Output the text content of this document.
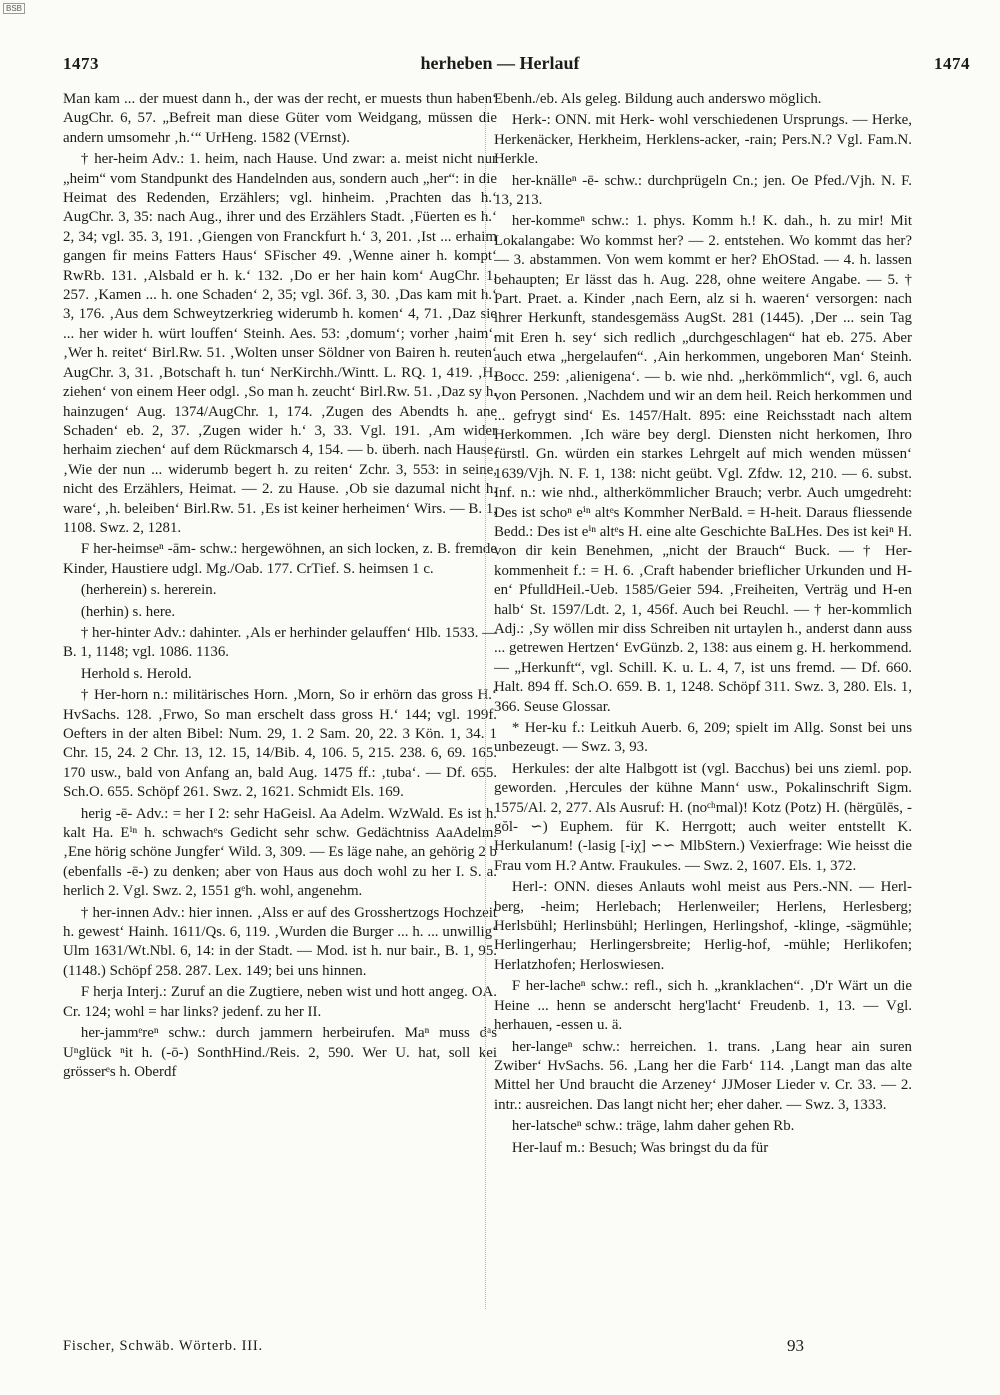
BSB
1473	herheben — Herlauf	1474

Man kam ... der muest dann h., der was der recht, er muests thun haben‘ AugChr. 6, 57. „Befreit man diese Güter vom Weidgang, müssen die andern umsomehr ‚h.‘“ UrHeng. 1582 (VErnst).

† her-heim Adv.: 1. heim, nach Hause. Und zwar: a. meist nicht nur „heim“ vom Standpunkt des Handelnden aus, sondern auch „her“: in die Heimat des Redenden, Erzählers; vgl. hinheim. ‚Prachten das h.‘ AugChr. 3, 35: nach Aug., ihrer und des Erzählers Stadt. ‚Füerten es h.‘ 2, 34; vgl. 35. 3, 191. ‚Giengen von Franckfurt h.‘ 3, 201. ‚Ist ... erhaim gangen fir meins Fatters Haus‘ SFischer 49. ‚Wenne ainer h. kompt‘ RwRb. 131. ‚Alsbald er h. k.‘ 132. ‚Do er her hain kom‘ AugChr. 1, 257. ‚Kamen ... h. one Schaden‘ 2, 35; vgl. 36f. 3, 30. ‚Das kam mit h.‘ 3, 176. ‚Aus dem Schweytzerkrieg widerumb h. komen‘ 4, 71. ‚Daz sie ... her wider h. würt louffen‘ Steinh. Aes. 53: ‚domum‘; vorher ‚haim‘. ‚Wer h. reitet‘ Birl.Rw. 51. ‚Wolten unser Söldner von Bairen h. reuten‘ AugChr. 3, 31. ‚Botschaft h. tun‘ NerKirchh./Wintt. L. RQ. 1, 419. ‚H. ziehen‘ von einem Heer odgl. ‚So man h. zeucht‘ Birl.Rw. 51. ‚Daz sy h. hainzugen‘ Aug. 1374/AugChr. 1, 174. ‚Zugen des Abendts h. ane Schaden‘ eb. 2, 37. ‚Zugen wider h.‘ 3, 33. Vgl. 191. ‚Am wider herhaim ziechen‘ auf dem Rückmarsch 4, 154. — b. überh. nach Hause. ‚Wie der nun ... widerumb begert h. zu reiten‘ Zchr. 3, 553: in seine, nicht des Erzählers, Heimat. — 2. zu Hause. ‚Ob sie dazumal nicht h. ware‘, ‚h. beleiben‘ Birl.Rw. 51. ‚Es ist keiner herheimen‘ Wirs. — B. 1, 1108. Swz. 2, 1281.

F her-heimseⁿ -ām- schw.: hergewöhnen, an sich locken, z. B. fremde Kinder, Haustiere udgl. Mg./Oab. 177. CrTief. S. heimsen 1 c.

(herherein) s. hererein.

(herhin) s. here.

† her-hinter Adv.: dahinter. ‚Als er herhinder gelauffen‘ Hlb. 1533. — B. 1, 1148; vgl. 1086. 1136.

Herhold s. Herold.

† Her-horn n.: militärisches Horn. ‚Morn, So ir erhörn das gross H.‘ HvSachs. 128. ‚Frwo, So man erschelt dass gross H.‘ 144; vgl. 199f. Oefters in der alten Bibel: Num. 29, 1. 2 Sam. 20, 22. 3 Kön. 1, 34. 1 Chr. 15, 24. 2 Chr. 13, 12. 15, 14/Bib. 4, 106. 5, 215. 238. 6, 69. 165. 170 usw., bald von Anfang an, bald Aug. 1475 ff.: ‚tuba‘. — Df. 655. Sch.O. 655. Schöpf 261. Swz. 2, 1621. Schmidt Els. 169.

herig -ē- Adv.: = her I 2: sehr HaGeisl. Aa Adelm. WzWald. Es ist h. kalt Ha. Eⁱⁿ h. schwachᵉs Gedicht sehr schw. Gedächtniss AaAdelm. ‚Ene hörig schöne Jungfer‘ Wild. 3, 309. — Es läge nahe, an gehörig 2 b (ebenfalls -ē-) zu denken; aber von Haus aus doch wohl zu her I. S. a. herlich 2. Vgl. Swz. 2, 1551 gᵉh. wohl, angenehm.

† her-innen Adv.: hier innen. ‚Alss er auf des Grosshertzogs Hochzeit h. gewest‘ Hainh. 1611/Qs. 6, 119. ‚Wurden die Burger ... h. ... unwillig‘ Ulm 1631/Wt.Nbl. 6, 14: in der Stadt. — Mod. ist h. nur bair., B. 1, 95. (1148.) Schöpf 258. 287. Lex. 149; bei uns hinnen.

F herja Interj.: Zuruf an die Zugtiere, neben wist und hott angeg. OA. Cr. 124; wohl = har links? jedenf. zu her II.

her-jammᵉreⁿ schw.: durch jammern herbeirufen. Maⁿ muss dᵃs Uⁿglück ⁿit h. (-ō-) SonthHind./Reis. 2, 590. Wer U. hat, soll kei grösserᵉs h. Oberdf

Ebenh./eb. Als geleg. Bildung auch anderswo möglich.

Herk-: ONN. mit Herk- wohl verschiedenen Ursprungs. — Herke, Herkenäcker, Herkheim, Herklens-acker, -rain; Pers.N.? Vgl. Fam.N. Herkle.

her-knälleⁿ -ē- schw.: durchprügeln Cn.; jen. Oe Pfed./Vjh. N. F. 13, 213.

her-kommeⁿ schw.: 1. phys. Komm h.! K. dah., h. zu mir! Mit Lokalangabe: Wo kommst her? — 2. entstehen. Wo kommt das her? — 3. abstammen. Von wem kommt er her? EhOStad. — 4. h. lassen behaupten; Er lässt das h. Aug. 228, ohne weitere Angabe. — 5. † Part. Praet. a. Kinder ‚nach Eern, alz si h. waeren‘ versorgen: nach ihrer Herkunft, standesgemäss AugSt. 281 (1445). ‚Der ... sein Tag mit Eren h. sey‘ sich redlich „durchgeschlagen“ hat eb. 275. Aber auch etwa „hergelaufen“. ‚Ain herkommen, ungeboren Man‘ Steinh. Bocc. 259: ‚alienigena‘. — b. wie nhd. „herkömmlich“, vgl. 6, auch von Personen. ‚Nachdem und wir an dem heil. Reich herkommen und ... gefrygt sind‘ Es. 1457/Halt. 895: eine Reichsstadt nach altem Herkommen. ‚Ich wäre bey dergl. Diensten nicht herkomen, Ihro fürstl. Gn. würden ein starkes Lehrgelt auf mich wenden müssen‘ 1639/Vjh. N. F. 1, 138: nicht geübt. Vgl. Zfdw. 12, 210. — 6. subst. Inf. n.: wie nhd., altherkömmlicher Brauch; verbr. Auch umgedreht: Des ist schoⁿ eⁱⁿ altᵉs Kommher NerBald. = H-heit. Daraus fliessende Bedd.: Des ist eⁱⁿ altᵉs H. eine alte Geschichte BaLHes. Des ist keiⁿ H. von dir kein Benehmen, „nicht der Brauch“ Buck. — † Her-kommenheit f.: = H. 6. ‚Craft habender brieflicher Urkunden und H-en‘ PfulldHeil.-Ueb. 1585/Geier 594. ‚Freiheiten, Verträg und H-en halb‘ St. 1597/Ldt. 2, 1, 456f. Auch bei Reuchl. — † her-kommlich Adj.: ‚Sy wöllen mir diss Schreiben nit urtaylen h., anderst dann auss ... getrewen Hertzen‘ EvGünzb. 2, 138: aus einem g. H. herkommend. — „Herkunft“, vgl. Schill. K. u. L. 4, 7, ist uns fremd. — Df. 660. Halt. 894 ff. Sch.O. 659. B. 1, 1248. Schöpf 311. Swz. 3, 280. Els. 1, 366. Seuse Glossar.

* Her-ku f.: Leitkuh Auerb. 6, 209; spielt im Allg. Sonst bei uns unbezeugt. — Swz. 3, 93.

Herkules: der alte Halbgott ist (vgl. Bacchus) bei uns zieml. pop. geworden. ‚Hercules der kühne Mann‘ usw., Pokalinschrift Sigm. 1575/Al. 2, 277. Als Ausruf: H. (noᶜʰmal)! Kotz (Potz) H. (hërgūlēs, -gŏl- ∽) Euphem. für K. Herrgott; auch weiter entstellt K. Herkulanum! (-lasig [-iχ] ∽∽ MlbStern.) Vexierfrage: Wie heisst die Frau vom H.? Antw. Fraukules. — Swz. 2, 1607. Els. 1, 372.

Herl-: ONN. dieses Anlauts wohl meist aus Pers.-NN. — Herl-berg, -heim; Herlebach; Herlenweiler; Herlens, Herlesberg; Herlsbühl; Herlinsbühl; Herlingen, Herlingshof, -klinge, -sägmühle; Herlingerhau; Herlingersbreite; Herlig-hof, -mühle; Herlikofen; Herlatzhofen; Herloswiesen.

F her-lacheⁿ schw.: refl., sich h. „kranklachen“. ‚D'r Wärt un die Heine ... henn se anderscht herg'lacht‘ Freudenb. 1, 13. — Vgl. herhauen, -essen u. ä.

her-langeⁿ schw.: herreichen. 1. trans. ‚Lang hear ain suren Zwiber‘ HvSachs. 56. ‚Lang her die Farb‘ 114. ‚Langt man das alte Mittel her Und braucht die Arzeney‘ JJMoser Lieder v. Cr. 33. — 2. intr.: ausreichen. Das langt nicht her; eher daher. — Swz. 3, 1333.

her-latscheⁿ schw.: träge, lahm daher gehen Rb.

Her-lauf m.: Besuch; Was bringst du da für

Fischer, Schwäb. Wörterb. III.	93
